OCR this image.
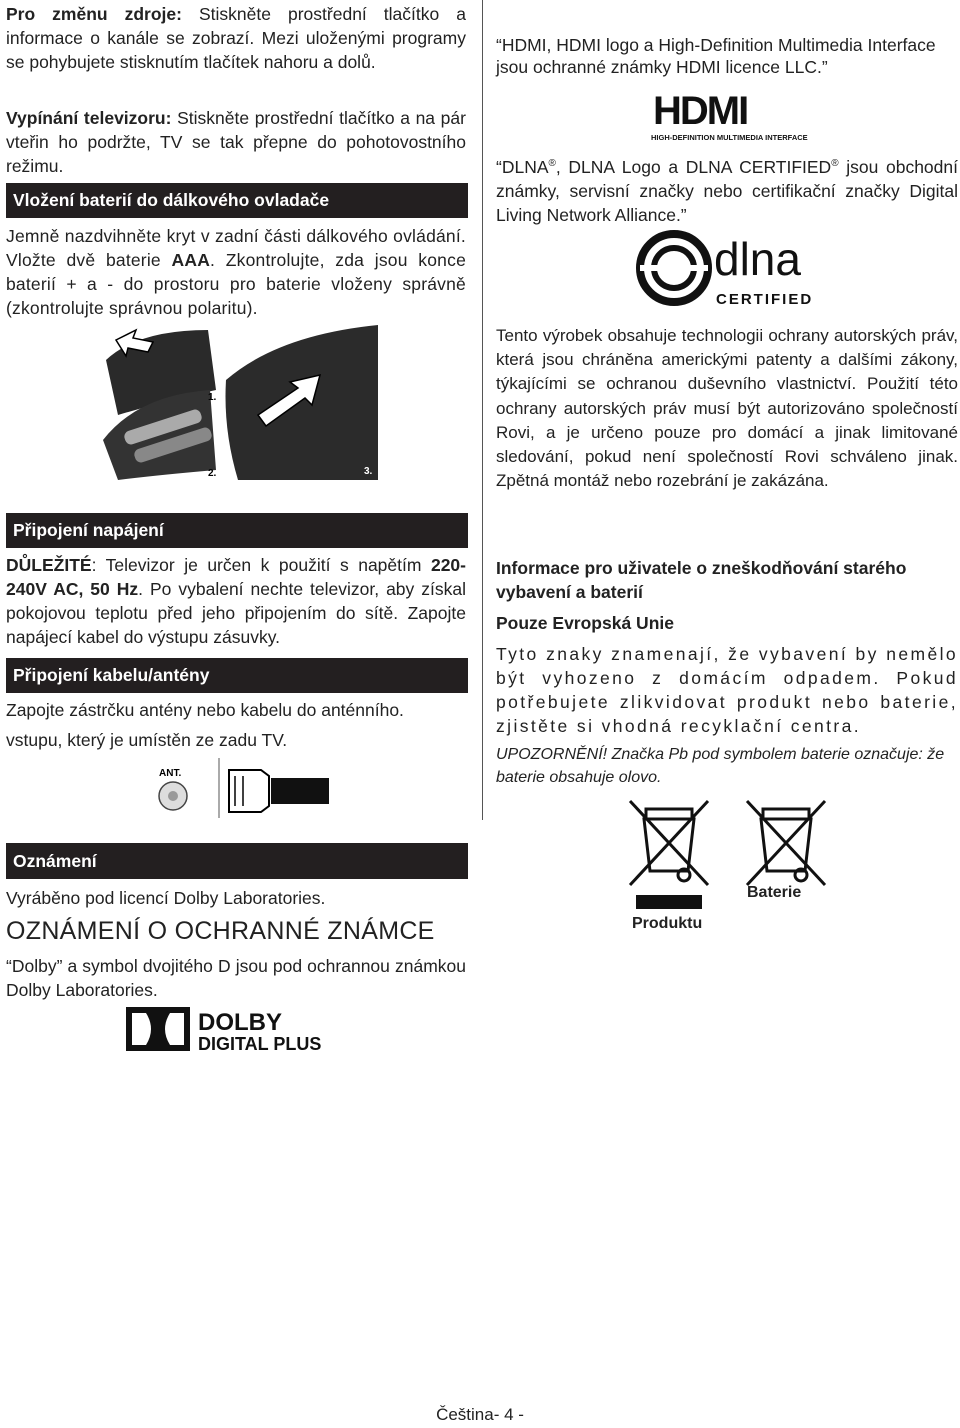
Pro změnu zdroje: Stiskněte prostřední tlačítko a informace o kanále se zobrazí. Mezi uloženými programy se pohybujete stisknutím tlačítek nahoru a dolů.

Vypínání televizoru: Stiskněte prostřední tlačítko a na pár vteřin ho podržte, TV se tak přepne do pohotovostního režimu.

Vložení baterií do dálkového ovladače

Jemně nazdvihněte kryt v zadní části dálkového ovládání. Vložte dvě baterie AAA. Zkontrolujte, zda jsou konce baterií + a - do prostoru pro baterie vloženy správně (zkontrolujte správnou polaritu).

1.
2.	3.
Připojení napájení

DŮLEŽITÉ: Televizor je určen k použití s napětím 220-240V AC, 50 Hz. Po vybalení nechte televizor, aby získal pokojovou teplotu před jeho připojením do sítě. Zapojte napájecí kabel do výstupu zásuvky.

Připojení kabelu/antény

Zapojte zástrčku antény nebo kabelu do anténního.

vstupu, který je umístěn ze zadu TV.

ANT.
Oznámení

Vyráběno pod licencí Dolby Laboratories.

OZNÁMENÍ O OCHRANNÉ ZNÁMCE

“Dolby” a symbol dvojitého D jsou pod ochrannou známkou Dolby Laboratories.

DOLBY
DIGITAL PLUS

“HDMI, HDMI logo a High-Definition Multimedia Interface jsou ochranné známky HDMI licence LLC.”

HDMI
HIGH-DEFINITION MULTIMEDIA INTERFACE

“DLNA®, DLNA Logo a DLNA CERTIFIED® jsou obchodní známky, servisní značky nebo certifikační značky Digital Living Network Alliance.”

dlna
CERTIFIED

Tento výrobek obsahuje technologii ochrany autorských práv, která jsou chráněna americkými patenty a dalšími zákony, týkajícími se ochranou duševního vlastnictví. Použití této ochrany autorských práv musí být autorizováno společností Rovi, a je určeno pouze pro domácí a jinak limitované sledování, pokud není společností Rovi schváleno jinak. Zpětná montáž nebo rozebrání je zakázána.

Informace pro uživatele o zneškodňování starého vybavení a baterií

Pouze Evropská Unie

Tyto znaky znamenají, že vybavení by nemělo být vyhozeno z domácím odpadem. Pokud potřebujete zlikvidovat produkt nebo baterie, zjistěte si vhodná recyklační centra.

UPOZORNĚNÍ! Značka Pb pod symbolem baterie označuje: že baterie obsahuje olovo.

Produktu
Baterie
Čeština- 4 -
